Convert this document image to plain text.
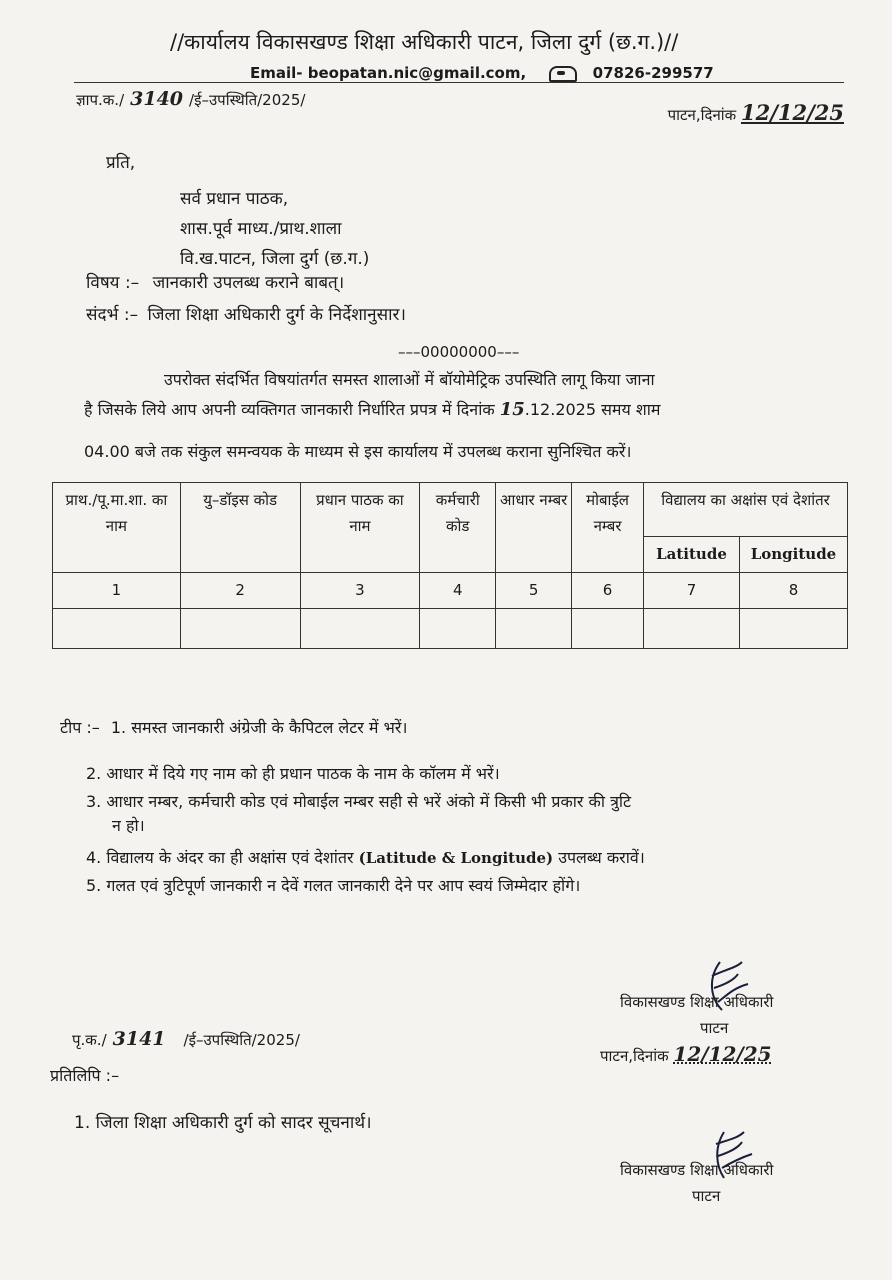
//कार्यालय विकासखण्ड शिक्षा अधिकारी पाटन, जिला दुर्ग (छ.ग.)//
Email- beopatan.nic@gmail.com,	07826-299577
ज्ञाप.क./ 3140 /ई–उपस्थिति/2025/
पाटन,दिनांक 12/12/25
प्रति,
सर्व प्रधान पाठक,
शास.पूर्व माध्य./प्राथ.शाला
वि.ख.पाटन, जिला दुर्ग (छ.ग.)
विषय :– जानकारी उपलब्ध कराने बाबत्।
संदर्भ :– जिला शिक्षा अधिकारी दुर्ग के निर्देशानुसार।
–––00000000–––
उपरोक्त संदर्भित विषयांतर्गत समस्त शालाओं में बॉयोमेट्रिक उपस्थिति लागू किया जाना
है जिसके लिये आप अपनी व्यक्तिगत जानकारी निर्धारित प्रपत्र में दिनांक 15.12.2025 समय शाम
04.00 बजे तक संकुल समन्वयक के माध्यम से इस कार्यालय में उपलब्ध कराना सुनिश्चित करें।
प्राथ./पू.मा.शा. का नाम	यु–डॉइस कोड	प्रधान पाठक का नाम	कर्मचारी कोड	आधार नम्बर	मोबाईल नम्बर	विद्यालय का अक्षांस एवं देशांतर	
						Latitude	Longitude
1	2	3	4	5	6	7	8

टीप :– 1. समस्त जानकारी अंग्रेजी के कैपिटल लेटर में भरें।
2. आधार में दिये गए नाम को ही प्रधान पाठक के नाम के कॉलम में भरें।
3. आधार नम्बर, कर्मचारी कोड एवं मोबाईल नम्बर सही से भरें अंको में किसी भी प्रकार की त्रुटि
न हो।
4. विद्यालय के अंदर का ही अक्षांस एवं देशांतर (Latitude & Longitude) उपलब्ध करावें।
5. गलत एवं त्रुटिपूर्ण जानकारी न देवें गलत जानकारी देने पर आप स्वयं जिम्मेदार होंगे।
विकासखण्ड शिक्षा अधिकारी
पाटन
पृ.क./ 3141 /ई–उपस्थिति/2025/
पाटन,दिनांक 12/12/25
प्रतिलिपि :–
1. जिला शिक्षा अधिकारी दुर्ग को सादर सूचनार्थ।
विकासखण्ड शिक्षा अधिकारी
पाटन
